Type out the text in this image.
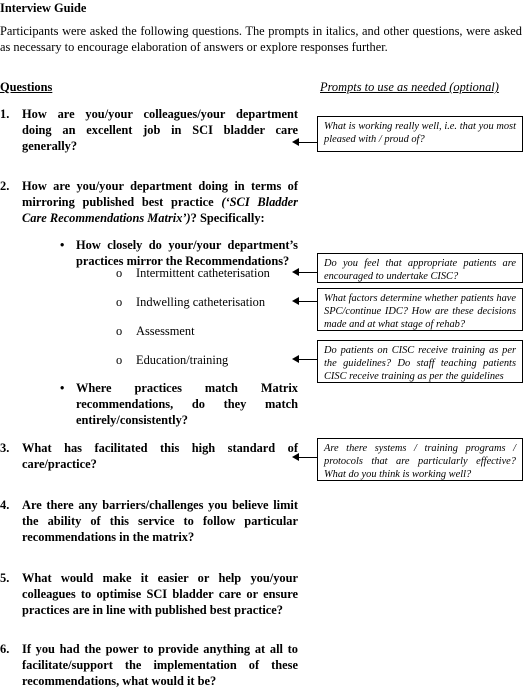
Interview Guide
Participants were asked the following questions. The prompts in italics, and other questions, were asked as necessary to encourage elaboration of answers or explore responses further.
Questions	Prompts to use as needed (optional)
1. How are you/your colleagues/your department doing an excellent job in SCI bladder care generally?
2. How are you/your department doing in terms of mirroring published best practice (‘SCI Bladder Care Recommendations Matrix’)? Specifically:
• How closely do your/your department’s practices mirror the Recommendations?
o Intermittent catheterisation
o Indwelling catheterisation
o Assessment
o Education/training
• Where practices match Matrix recommendations, do they match entirely/consistently?
3. What has facilitated this high standard of care/practice?
4. Are there any barriers/challenges you believe limit the ability of this service to follow particular recommendations in the matrix?
5. What would make it easier or help you/your colleagues to optimise SCI bladder care or ensure practices are in line with published best practice?
6. If you had the power to provide anything at all to facilitate/support the implementation of these recommendations, what would it be?
What is working really well, i.e. that you most pleased with / proud of?
Do you feel that appropriate patients are encouraged to undertake CISC?
What factors determine whether patients have SPC/continue IDC? How are these decisions made and at what stage of rehab?
Do patients on CISC receive training as per the guidelines? Do staff teaching patients CISC receive training as per the guidelines
Are there systems / training programs / protocols that are particularly effective? What do you think is working well?
